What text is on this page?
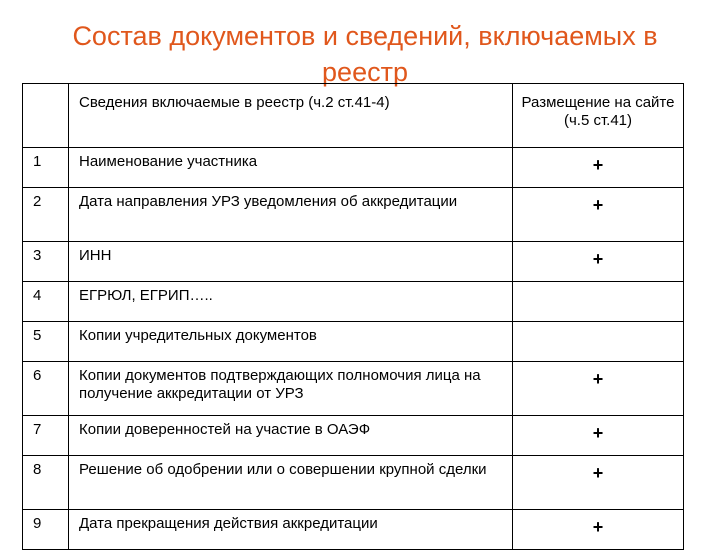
Состав документов и сведений, включаемых в реестр
	Сведения включаемые в реестр (ч.2 ст.41-4)	Размещение на сайте (ч.5 ст.41)
1	Наименование участника	+
2	Дата направления УРЗ уведомления об аккредитации	+
3	ИНН	+
4	ЕГРЮЛ, ЕГРИП…..	
5	Копии учредительных документов	
6	Копии документов подтверждающих полномочия лица на получение аккредитации от УРЗ	+
7	Копии доверенностей на участие в ОАЭФ	+
8	Решение об одобрении или о совершении крупной сделки	+
9	Дата прекращения действия аккредитации	+
